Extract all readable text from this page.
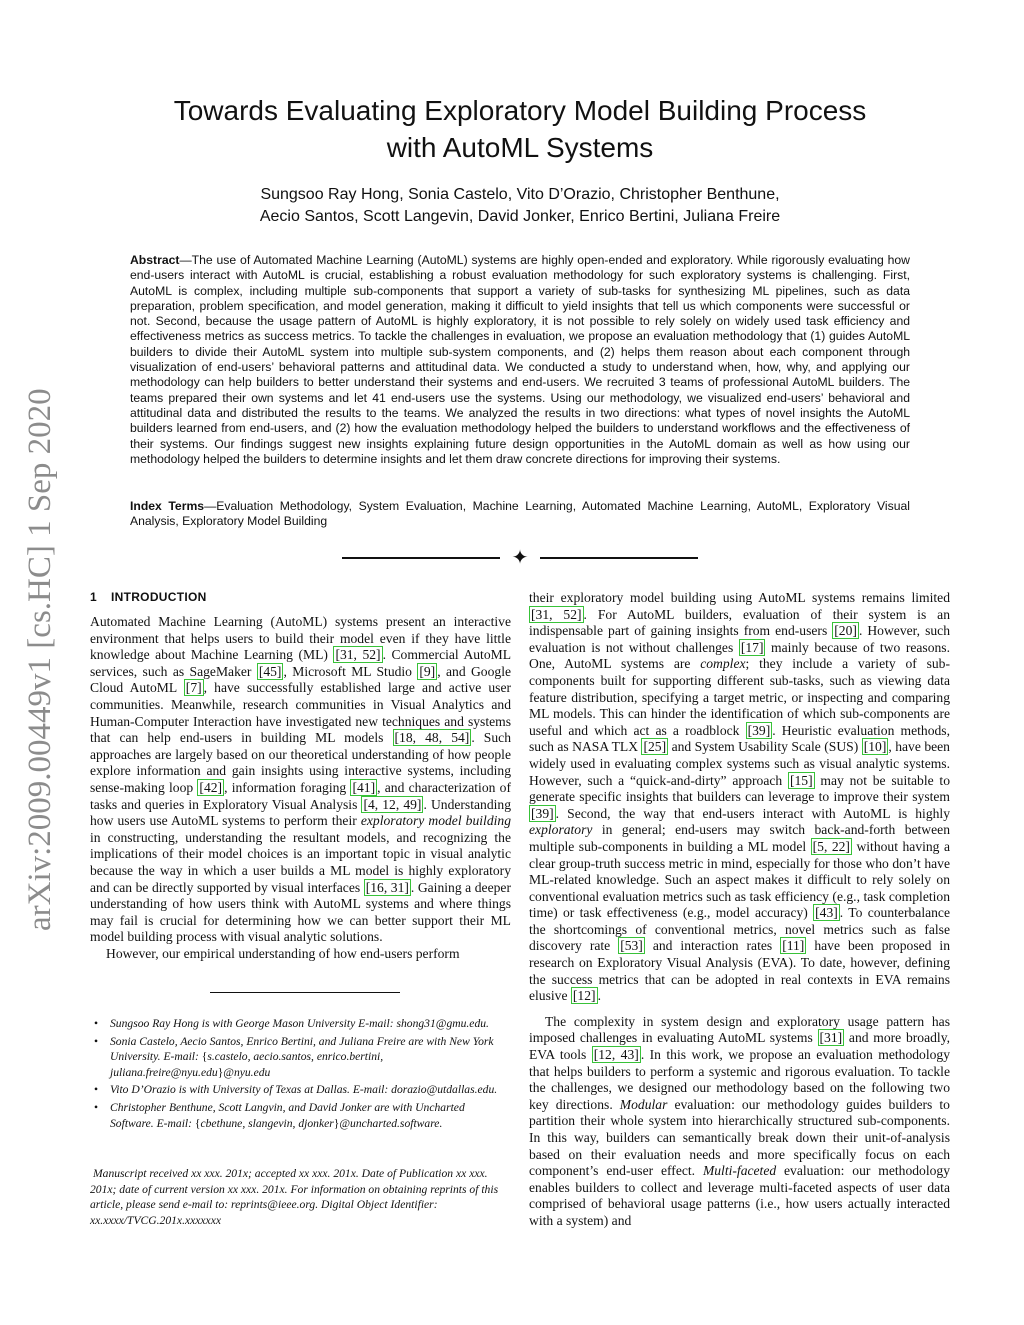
arXiv:2009.00449v1 [cs.HC] 1 Sep 2020
Towards Evaluating Exploratory Model Building Process
with AutoML Systems
Sungsoo Ray Hong, Sonia Castelo, Vito D’Orazio, Christopher Benthune,
Aecio Santos, Scott Langevin, David Jonker, Enrico Bertini, Juliana Freire
Abstract—The use of Automated Machine Learning (AutoML) systems are highly open-ended and exploratory. While rigorously evaluating how end-users interact with AutoML is crucial, establishing a robust evaluation methodology for such exploratory systems is challenging. First, AutoML is complex, including multiple sub-components that support a variety of sub-tasks for synthesizing ML pipelines, such as data preparation, problem specification, and model generation, making it difficult to yield insights that tell us which components were successful or not. Second, because the usage pattern of AutoML is highly exploratory, it is not possible to rely solely on widely used task efficiency and effectiveness metrics as success metrics. To tackle the challenges in evaluation, we propose an evaluation methodology that (1) guides AutoML builders to divide their AutoML system into multiple sub-system components, and (2) helps them reason about each component through visualization of end-users’ behavioral patterns and attitudinal data. We conducted a study to understand when, how, why, and applying our methodology can help builders to better understand their systems and end-users. We recruited 3 teams of professional AutoML builders. The teams prepared their own systems and let 41 end-users use the systems. Using our methodology, we visualized end-users’ behavioral and attitudinal data and distributed the results to the teams. We analyzed the results in two directions: what types of novel insights the AutoML builders learned from end-users, and (2) how the evaluation methodology helped the builders to understand workflows and the effectiveness of their systems. Our findings suggest new insights explaining future design opportunities in the AutoML domain as well as how using our methodology helped the builders to determine insights and let them draw concrete directions for improving their systems.
Index Terms—Evaluation Methodology, System Evaluation, Machine Learning, Automated Machine Learning, AutoML, Exploratory Visual Analysis, Exploratory Model Building
✦
1 INTRODUCTION

Automated Machine Learning (AutoML) systems present an interactive environment that helps users to build their model even if they have little knowledge about Machine Learning (ML) [31, 52] . Commercial AutoML services, such as SageMaker [45] , Microsoft ML Studio [9] , and Google Cloud AutoML [7] , have successfully established large and active user communities. Meanwhile, research communities in Visual Analytics and Human-Computer Interaction have investigated new techniques and systems that can help end-users in building ML models [18, 48, 54] . Such approaches are largely based on our theoretical understanding of how people explore information and gain insights using interactive systems, including sense-making loop [42] , information foraging [41] , and characterization of tasks and queries in Exploratory Visual Analysis [4, 12, 49] . Understanding how users use AutoML systems to perform their exploratory model building in constructing, understanding the resultant models, and recognizing the implications of their model choices is an important topic in visual analytic because the way in which a user builds a ML model is highly exploratory and can be directly supported by visual interfaces [16, 31] . Gaining a deeper understanding of how users think with AutoML systems and where things may fail is crucial for determining how we can better support their ML model building process with visual analytic solutions.

However, our empirical understanding of how end-users perform

• Sungsoo Ray Hong is with George Mason University E-mail: shong31@gmu.edu.
• Sonia Castelo, Aecio Santos, Enrico Bertini, and Juliana Freire are with New York University. E-mail: {s.castelo, aecio.santos, enrico.bertini, juliana.freire@nyu.edu}@nyu.edu
• Vito D’Orazio is with University of Texas at Dallas. E-mail: dorazio@utdallas.edu.
• Christopher Benthune, Scott Langvin, and David Jonker are with Uncharted Software. E-mail: {cbethune, slangevin, djonker}@uncharted.software.
Manuscript received xx xxx. 201x; accepted xx xxx. 201x. Date of Publication xx xxx. 201x; date of current version xx xxx. 201x. For information on obtaining reprints of this article, please send e-mail to: reprints@ieee.org. Digital Object Identifier: xx.xxxx/TVCG.201x.xxxxxxx

their exploratory model building using AutoML systems remains limited [31, 52] . For AutoML builders, evaluation of their system is an indispensable part of gaining insights from end-users [20] . However, such evaluation is not without challenges [17] mainly because of two reasons. One, AutoML systems are complex; they include a variety of sub-components built for supporting different sub-tasks, such as viewing data feature distribution, specifying a target metric, or inspecting and comparing ML models. This can hinder the identification of which sub-components are useful and which act as a roadblock [39] . Heuristic evaluation methods, such as NASA TLX [25] and System Usability Scale (SUS) [10] , have been widely used in evaluating complex systems such as visual analytic systems. However, such a “quick-and-dirty” approach [15] may not be suitable to generate specific insights that builders can leverage to improve their system [39] . Second, the way that end-users interact with AutoML is highly exploratory in general; end-users may switch back-and-forth between multiple sub-components in building a ML model [5, 22] without having a clear group-truth success metric in mind, especially for those who don’t have ML-related knowledge. Such an aspect makes it difficult to rely solely on conventional evaluation metrics such as task efficiency (e.g., task completion time) or task effectiveness (e.g., model accuracy) [43] . To counterbalance the shortcomings of conventional metrics, novel metrics such as false discovery rate [53] and interaction rates [11] have been proposed in research on Exploratory Visual Analysis (EVA). To date, however, defining the success metrics that can be adopted in real contexts in EVA remains elusive [12] .

The complexity in system design and exploratory usage pattern has imposed challenges in evaluating AutoML systems [31] and more broadly, EVA tools [12, 43] . In this work, we propose an evaluation methodology that helps builders to perform a systemic and rigorous evaluation. To tackle the challenges, we designed our methodology based on the following two key directions. Modular evaluation: our methodology guides builders to partition their whole system into hierarchically structured sub-components. In this way, builders can semantically break down their unit-of-analysis based on their evaluation needs and more specifically focus on each component’s end-user effect. Multi-faceted evaluation: our methodology enables builders to collect and leverage multi-faceted aspects of user data comprised of behavioral usage patterns (i.e., how users actually interacted with a system) and
